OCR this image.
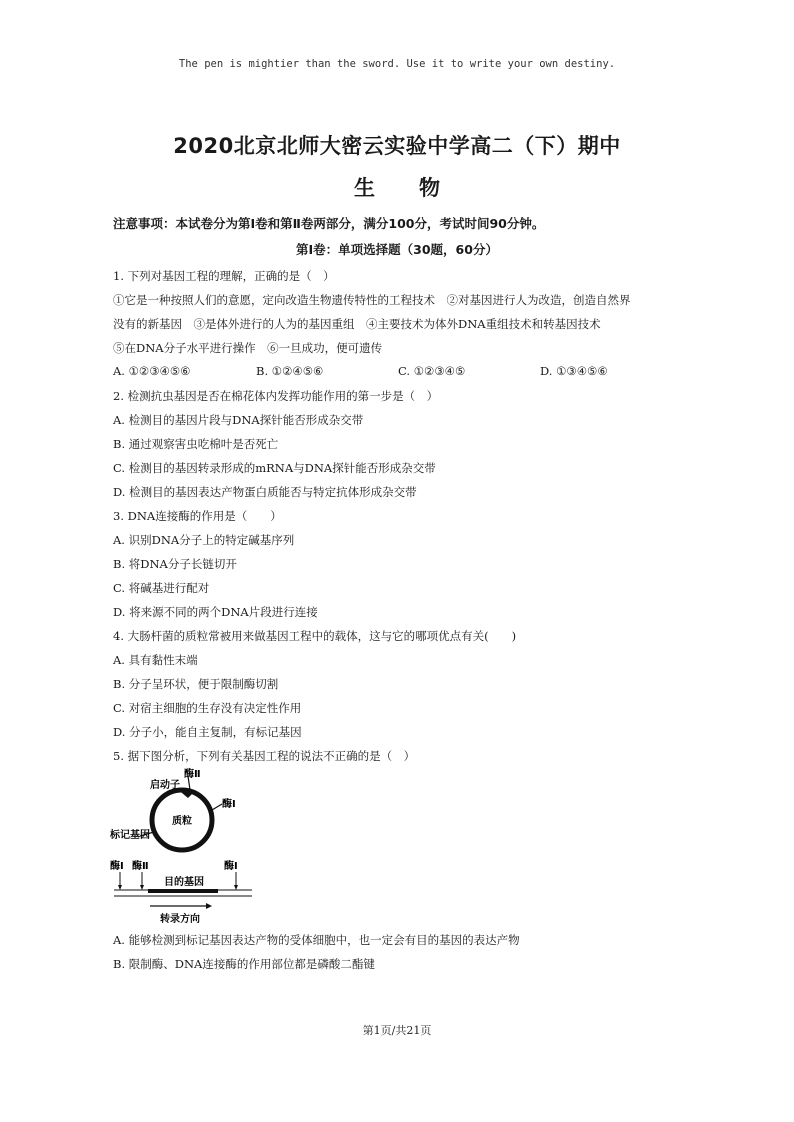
The pen is mightier than the sword. Use it to write your own destiny.
2020北京北师大密云实验中学高二（下）期中
生 物
注意事项：本试卷分为第Ⅰ卷和第Ⅱ卷两部分，满分100分，考试时间90分钟。
第Ⅰ卷：单项选择题（30题，60分）
1. 下列对基因工程的理解，正确的是（　）
①它是一种按照人们的意愿，定向改造生物遗传特性的工程技术　②对基因进行人为改造，创造自然界
没有的新基因　③是体外进行的人为的基因重组　④主要技术为体外DNA重组技术和转基因技术
⑤在DNA分子水平进行操作　⑥一旦成功，便可遗传
A. ①②③④⑤⑥	B. ①②④⑤⑥	C. ①②③④⑤	D. ①③④⑤⑥
2. 检测抗虫基因是否在棉花体内发挥功能作用的第一步是（　）
A. 检测目的基因片段与DNA探针能否形成杂交带
B. 通过观察害虫吃棉叶是否死亡
C. 检测目的基因转录形成的mRNA与DNA探针能否形成杂交带
D. 检测目的基因表达产物蛋白质能否与特定抗体形成杂交带
3. DNA连接酶的作用是（　　）
A. 识别DNA分子上的特定碱基序列
B. 将DNA分子长链切开
C. 将碱基进行配对
D. 将来源不同的两个DNA片段进行连接
4. 大肠杆菌的质粒常被用来做基因工程中的载体，这与它的哪项优点有关(　　)
A. 具有黏性末端
B. 分子呈环状，便于限制酶切割
C. 对宿主细胞的生存没有决定性作用
D. 分子小，能自主复制，有标记基因
5. 据下图分析，下列有关基因工程的说法不正确的是（　）
启动子
酶Ⅱ
酶Ⅰ
质粒
标记基因
酶Ⅰ 酶Ⅱ	酶Ⅰ
目的基因
转录方向
A. 能够检测到标记基因表达产物的受体细胞中，也一定会有目的基因的表达产物
B. 限制酶、DNA连接酶的作用部位都是磷酸二酯键
第1页/共21页
